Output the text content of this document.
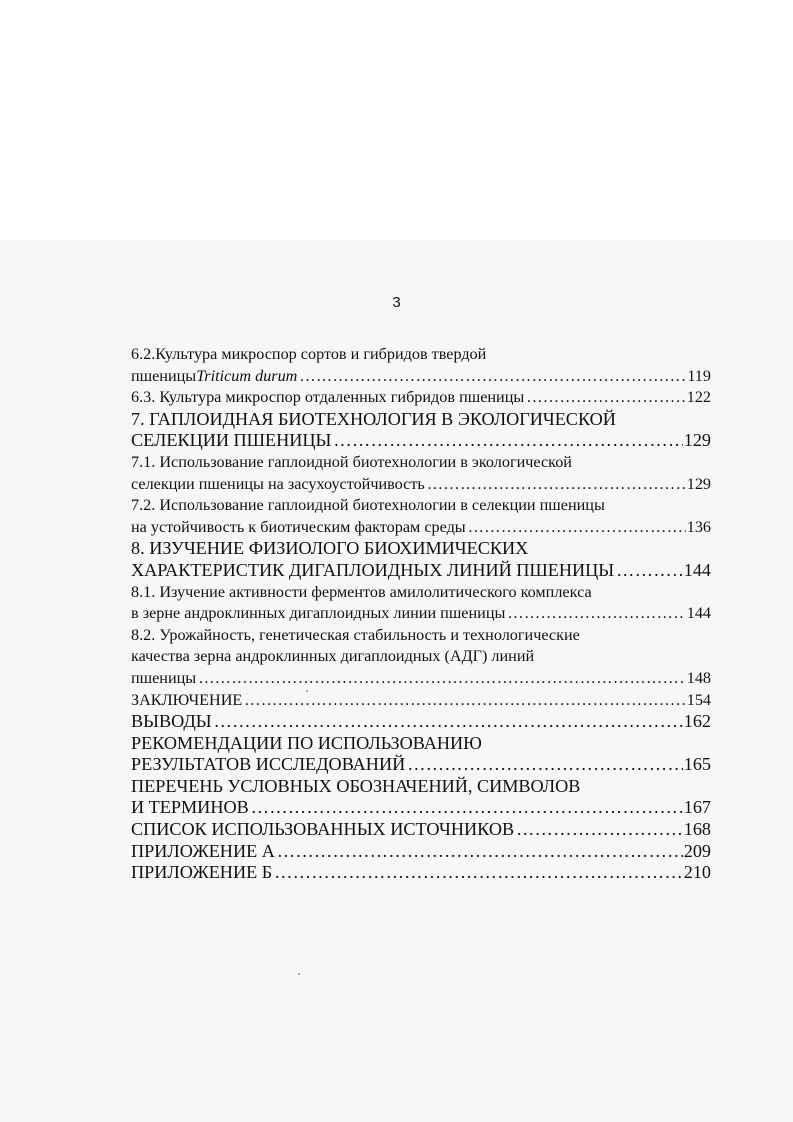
3
6.2.Культура микроспор сортов и гибридов твердой
пшеницы Triticum durum …………………………………………………………………………………………………………………………………………	119
6.3. Культура микроспор отдаленных гибридов пшеницы …………………………………………………………………………………………………………………………………………	122
7. ГАПЛОИДНАЯ БИОТЕХНОЛОГИЯ В ЭКОЛОГИЧЕСКОЙ
СЕЛЕКЦИИ ПШЕНИЦЫ …………………………………………………………………………………………………………………………………………	129
7.1. Использование гаплоидной биотехнологии в экологической
селекции пшеницы на засухоустойчивость …………………………………………………………………………………………………………………………………………	129
7.2. Использование гаплоидной биотехнологии в селекции пшеницы
на устойчивость к биотическим факторам среды …………………………………………………………………………………………………………………………………………	136
8. ИЗУЧЕНИЕ ФИЗИОЛОГО БИОХИМИЧЕСКИХ
ХАРАКТЕРИСТИК ДИГАПЛОИДНЫХ ЛИНИЙ ПШЕНИЦЫ …………………………………………………………………………………………………………………………………………	144
8.1. Изучение активности ферментов амилолитического комплекса
в зерне андроклинных дигаплоидных линии пшеницы …………………………………………………………………………………………………………………………………………	144
8.2. Урожайность, генетическая стабильность и технологические
качества зерна андроклинных дигаплоидных (АДГ) линий
пшеницы …………………………………………………………………………………………………………………………………………	148
ЗАКЛЮЧЕНИЕ …………………………………………………………………………………………………………………………………………	154
ВЫВОДЫ …………………………………………………………………………………………………………………………………………	162
РЕКОМЕНДАЦИИ ПО ИСПОЛЬЗОВАНИЮ
РЕЗУЛЬТАТОВ ИССЛЕДОВАНИЙ …………………………………………………………………………………………………………………………………………	165
ПЕРЕЧЕНЬ УСЛОВНЫХ ОБОЗНАЧЕНИЙ, СИМВОЛОВ
И ТЕРМИНОВ …………………………………………………………………………………………………………………………………………	167
СПИСОК ИСПОЛЬЗОВАННЫХ ИСТОЧНИКОВ …………………………………………………………………………………………………………………………………………	168
ПРИЛОЖЕНИЕ А …………………………………………………………………………………………………………………………………………	209
ПРИЛОЖЕНИЕ Б …………………………………………………………………………………………………………………………………………	210
